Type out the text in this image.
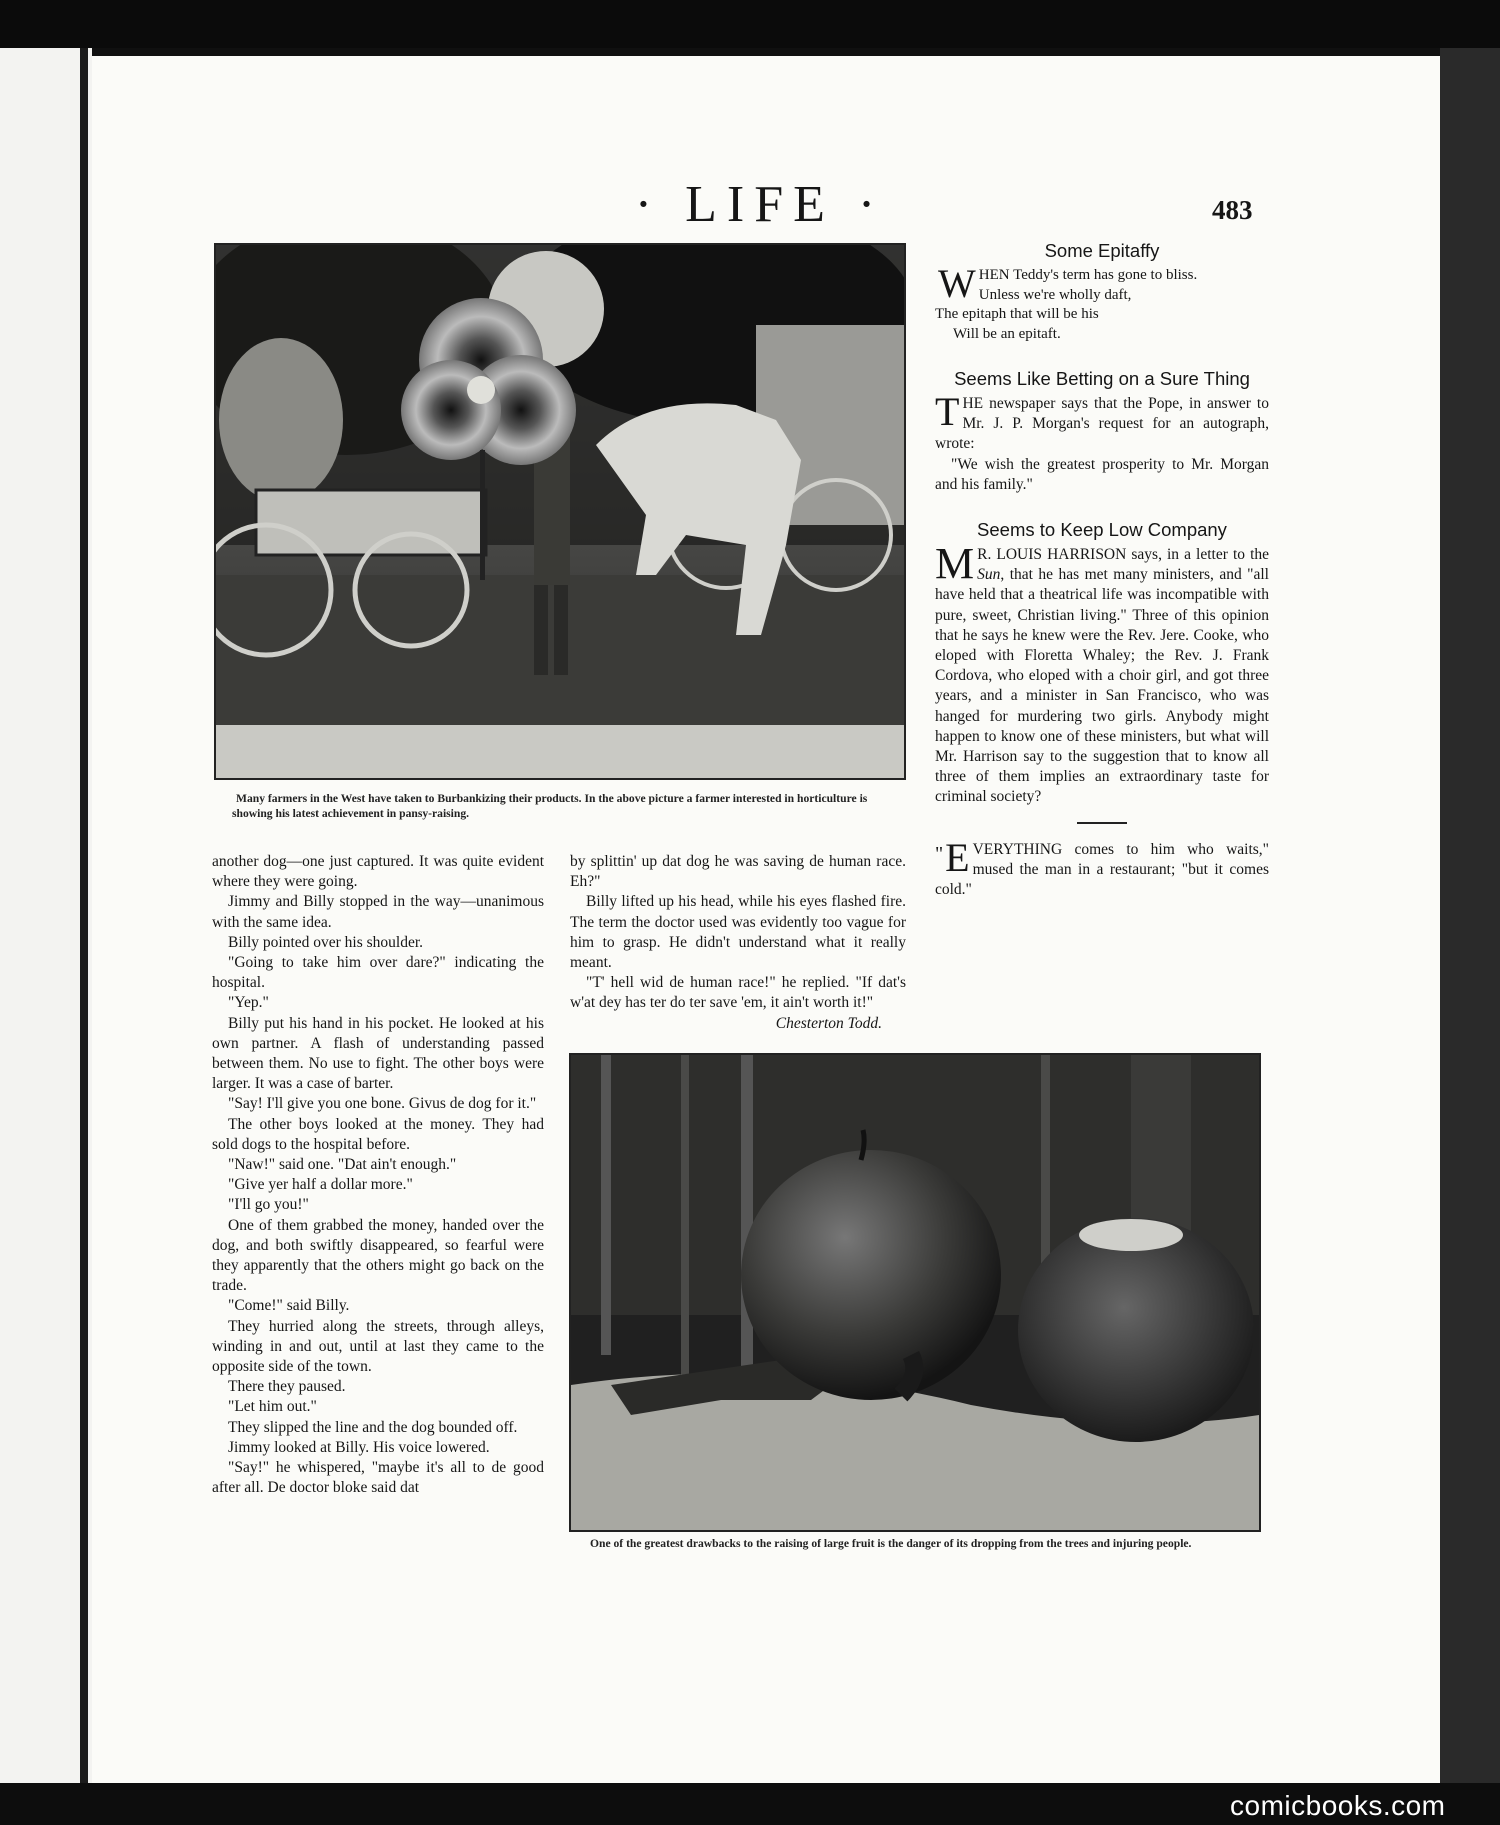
· LIFE ·	483
Many farmers in the West have taken to Burbankizing their products. In the above picture a farmer interested in horticulture is showing his latest achievement in pansy-raising.

another dog—one just captured. It was quite evident where they were going.

Jimmy and Billy stopped in the way—unanimous with the same idea.

Billy pointed over his shoulder.

"Going to take him over dare?" indicating the hospital.

"Yep."

Billy put his hand in his pocket. He looked at his own partner. A flash of understanding passed between them. No use to fight. The other boys were larger. It was a case of barter.

"Say! I'll give you one bone. Givus de dog for it."

The other boys looked at the money. They had sold dogs to the hospital before.

"Naw!" said one. "Dat ain't enough."

"Give yer half a dollar more."

"I'll go you!"

One of them grabbed the money, handed over the dog, and both swiftly disappeared, so fearful were they apparently that the others might go back on the trade.

"Come!" said Billy.

They hurried along the streets, through alleys, winding in and out, until at last they came to the opposite side of the town.

There they paused.

"Let him out."

They slipped the line and the dog bounded off.

Jimmy looked at Billy. His voice lowered.

"Say!" he whispered, "maybe it's all to de good after all. De doctor bloke said dat

by splittin' up dat dog he was saving de human race. Eh?"

Billy lifted up his head, while his eyes flashed fire. The term the doctor used was evidently too vague for him to grasp. He didn't understand what it really meant.

"T' hell wid de human race!" he replied. "If dat's w'at dey has ter do ter save 'em, it ain't worth it!"
Chesterton Todd.

Some Epitaffy
W HEN Teddy's term has gone to bliss.
Unless we're wholly daft,
The epitaph that will be his
Will be an epitaft.
Seems Like Betting on a Sure Thing
T HE newspaper says that the Pope, in answer to Mr. J. P. Morgan's request for an autograph, wrote:

"We wish the greatest prosperity to Mr. Morgan and his family."

Seems to Keep Low Company
M R. LOUIS HARRISON says, in a letter to the Sun, that he has met many ministers, and "all have held that a theatrical life was incompatible with pure, sweet, Christian living." Three of this opinion that he says he knew were the Rev. Jere. Cooke, who eloped with Floretta Whaley; the Rev. J. Frank Cordova, who eloped with a choir girl, and got three years, and a minister in San Francisco, who was hanged for murdering two girls. Anybody might happen to know one of these ministers, but what will Mr. Harrison say to the suggestion that to know all three of them implies an extraordinary taste for criminal society?
" E VERYTHING comes to him who waits," mused the man in a restaurant; "but it comes cold."
One of the greatest drawbacks to the raising of large fruit is the danger of its dropping from the trees and injuring people.
comicbooks.com
